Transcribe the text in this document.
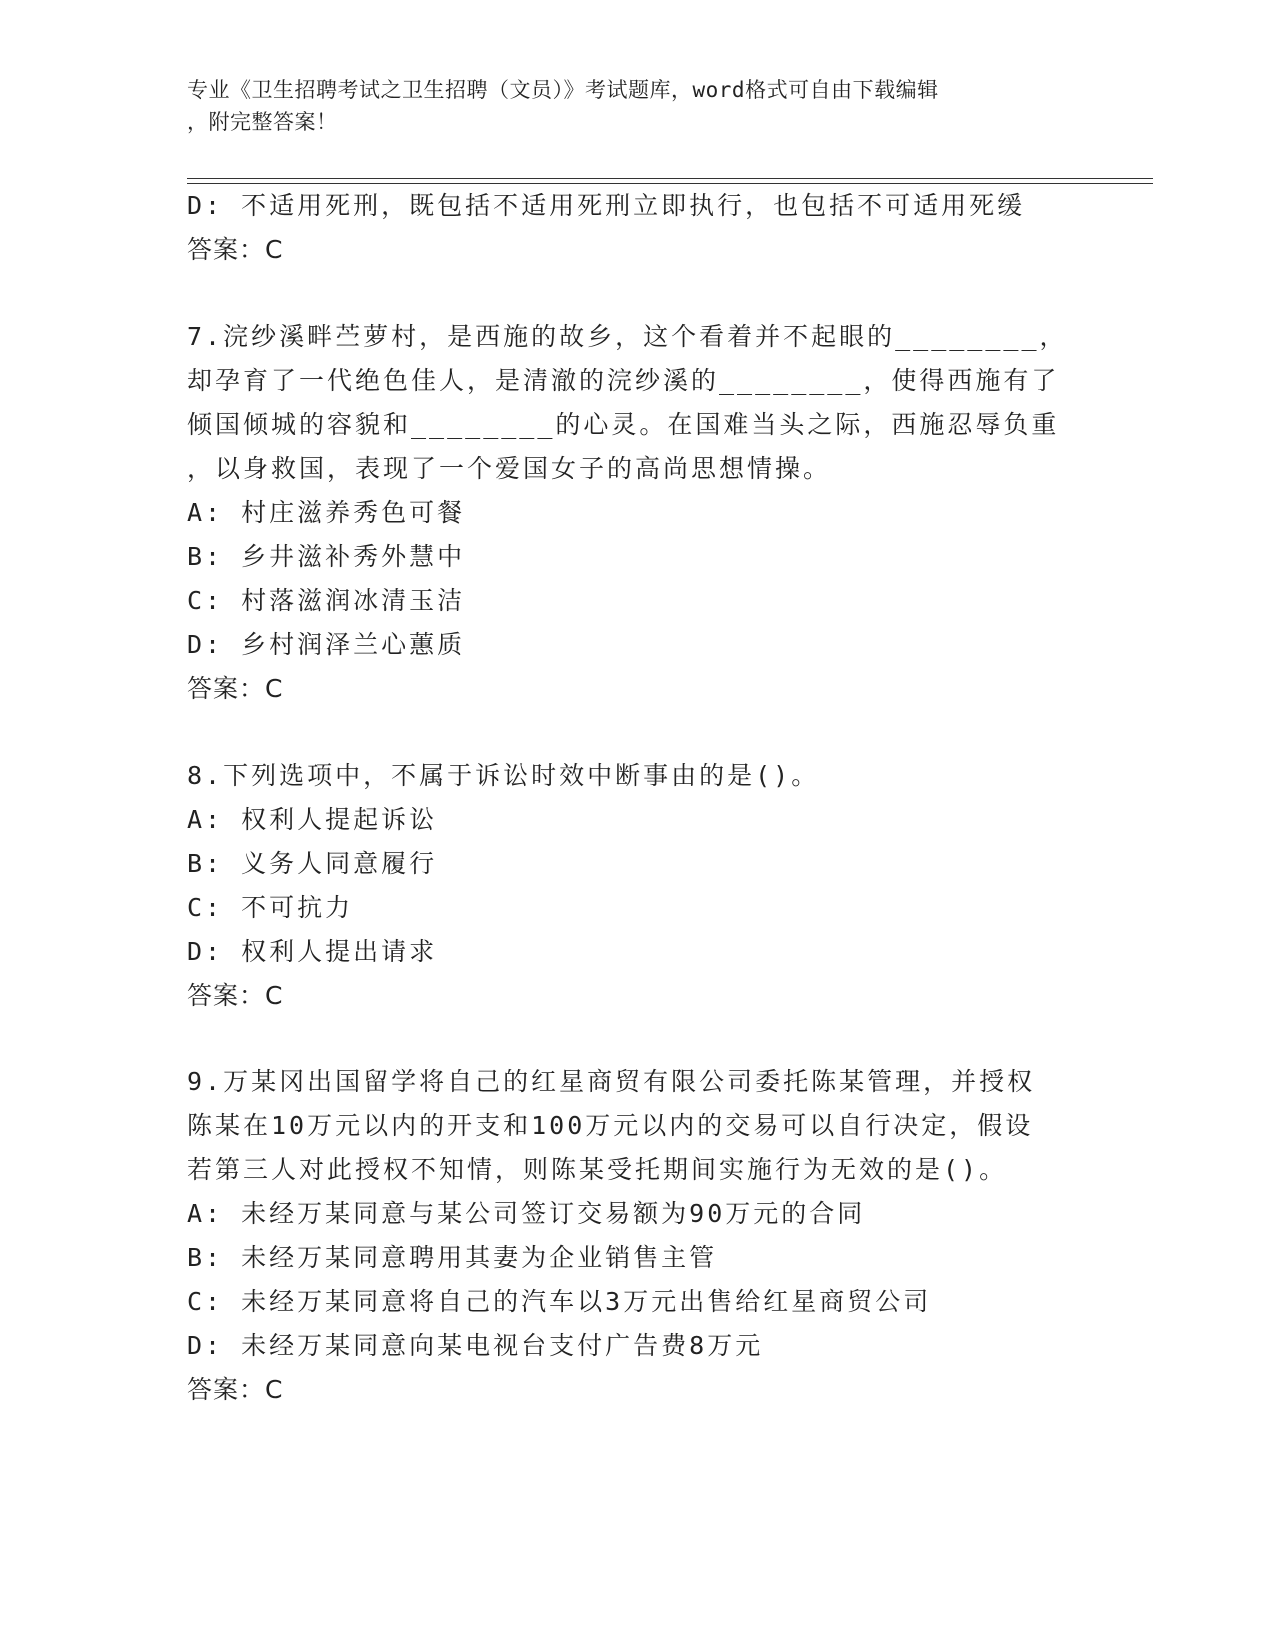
专业《卫生招聘考试之卫生招聘（文员）》考试题库，word格式可自由下载编辑
，附完整答案！
D: 不适用死刑，既包括不适用死刑立即执行，也包括不可适用死缓
答案：C
7.浣纱溪畔苎萝村，是西施的故乡，这个看着并不起眼的________，
却孕育了一代绝色佳人，是清澈的浣纱溪的________，使得西施有了
倾国倾城的容貌和________的心灵。在国难当头之际，西施忍辱负重
，以身救国，表现了一个爱国女子的高尚思想情操。
A: 村庄滋养秀色可餐
B: 乡井滋补秀外慧中
C: 村落滋润冰清玉洁
D: 乡村润泽兰心蕙质
答案：C
8.下列选项中，不属于诉讼时效中断事由的是()。
A: 权利人提起诉讼
B: 义务人同意履行
C: 不可抗力
D: 权利人提出请求
答案：C
9.万某冈出国留学将自己的红星商贸有限公司委托陈某管理，并授权
陈某在10万元以内的开支和100万元以内的交易可以自行决定，假设
若第三人对此授权不知情，则陈某受托期间实施行为无效的是()。
A: 未经万某同意与某公司签订交易额为90万元的合同
B: 未经万某同意聘用其妻为企业销售主管
C: 未经万某同意将自己的汽车以3万元出售给红星商贸公司
D: 未经万某同意向某电视台支付广告费8万元
答案：C
